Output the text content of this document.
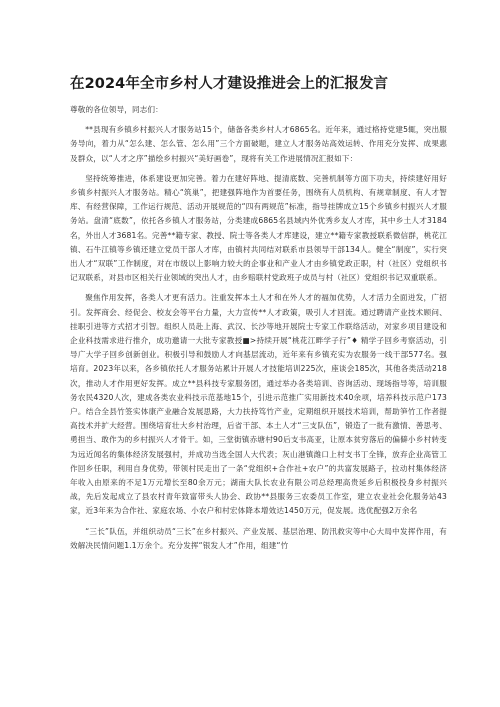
在2024年全市乡村人才建设推进会上的汇报发言

尊敬的各位领导，同志们：

**县现有乡镇乡村振兴人才服务站15个，储备各类乡村人才6865名。近年来，通过格持党建5辄，突出服务导向，着力从“怎么建、怎么管、怎么用”三个方面破题，建立人才服务站高效运转、作用充分发挥、成果惠及群众，以“人才之序”描绘乡村振兴“美好画卷”，现将有关工作进展情况汇报如下：

坚持统筹推进，体系建设更加完善。着力在建好阵地、提清底数、完善机制等方面下功夫，持续建好用好乡镇乡村振兴人才服务站。精心“筑巢”，把建强阵地作为首要任务，围绕有人员机构、有规章制度、有人才智库、有经营保障，工作运行规范、活动开展规范的“四有两规范”标准，指导挂牌成立15个乡镇乡村振兴人才服务站。盘清“底数”，依托各乡镇人才服务站，分类建成6865名县域内外优秀乡友人才库，其中乡土人才3184名，外出人才3681名。完善**籍专家、教授、院士等各类人才库建设，建立**籍专家教授联系微信群，桃花江镇、石牛江镇等乡镇还建立党员干部人才库，由镇村共同结对联系市县领导干部134人。健全“制度”，实行突出人才“双联”工作制度，对在市级以上影响力较大的企事业和产业人才由乡镇党政正职，村（社区）党组织书记双联系，对县市区相关行业领域的突出人才，由乡赔联村党政班子成员与村（社区）党组织书记双重联系。

聚焦作用发挥，各类人才更有活力。注重发挥本土人才和在外人才的福加优势，人才活力全面迸发，广招引。发挥商会、经促会、校友会等平台力量，大力宣传**人才政策，吸引人才回流。通过聘请产业技术顾问、挂职引进等方式招才引智。组织人员赴上海、武汉、长沙等地开展院士专家工作联络活动，对家乡项目建设和企业科技需求进行推介，成功邀请一大批专家教授■>持续开展“桃花江畔学子行”♦ 精学子回乡考察活动，引导广大学子回乡创新创业。积极引导和鼓励人才向基层流动，近年来有乡镇充实为农服务一线干部577名。强培育。2023年以来，各乡镇依托人才服务站累计开展人才技能培训225次，座谈会185次，其他各类活动218次，推动人才作用更好发挥。成立**县科技专家服务团，通过举办各类培训、咨询活动、现场指导等，培训服务农民4320人次，建成各类农业科技示范基地15个，引进示范推广实用新技术40余项，培养科技示范户173户。结合全县竹签实体康产业融合发展思路，大力扶持笃竹产业，定期组织开展技术培训，帮助笋竹工作者提高技术并扩大经营。围绕培育壮大乡村治理，后省干部、本土人才“三支队伍”，锻造了一批有激情、善思考、勇担当、敢作为的乡村振兴人才骨干。如，三堂街镇赤塘村90后支书高亚，让原本贫穷落后的偏僻小乡村转变为远近闻名的集体经济发展强村，并成功当选全国人大代表；灰山港镇潍口上村支书丁全锋，放弃企业高管工作回乡任职，利用自身优势，带领村民走出了一条“党组织+合作社+农户”的共富发展路子，拉动村集体经济年收入由原来的不足1万元增长至80余万元；湖南大队长农业有限公司总经理高贵延乡后积极投身乡村振兴战，先后发起成立了县农村青年致富带头人协会、政协**县服务三农委员工作室，建立农业社会化服务站43家，近3年来为合作社、家庭农场、小农户和村宏体降本增效达1450万元，促发展。选优配强2万余名

“三长”队伍，并组织动员“三长”在乡村振兴、产业发展、基层治理、防汛救灾等中心大局中发挥作用，有效解决民情问题1.1万余个。充分发挥“银发人才”作用，组建“竹
